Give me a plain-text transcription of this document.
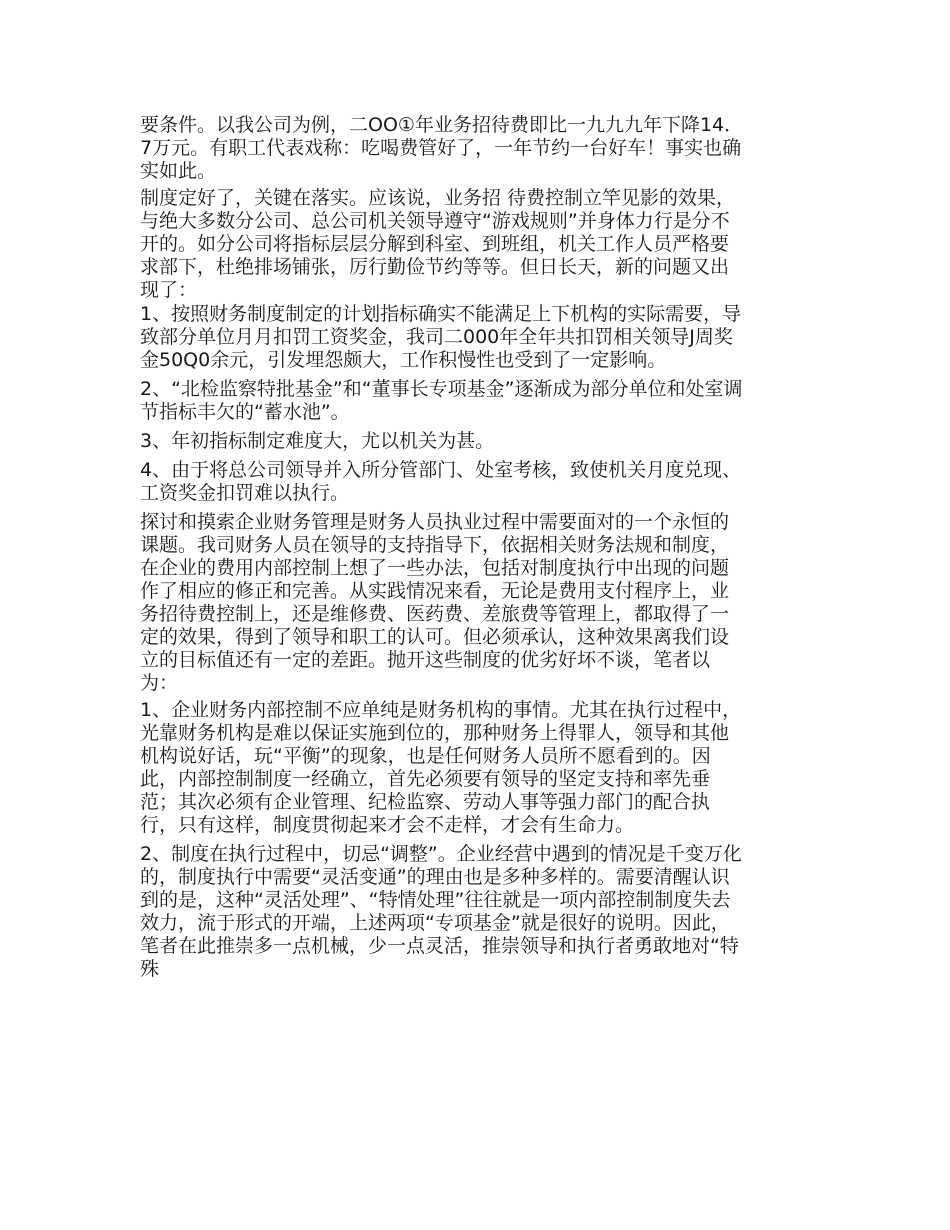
要条件。以我公司为例，二OO①年业务招待费即比一九九九年下降14．7万元。有职工代表戏称：吃喝费管好了，一年节约一台好车！事实也确实如此。

制度定好了，关键在落实。应该说，业务招 待费控制立竿见影的效果，与绝大多数分公司、总公司机关领导遵守“游戏规则”并身体力行是分不开的。如分公司将指标层层分解到科室、到班组，机关工作人员严格要求部下，杜绝排场铺张，厉行勤俭节约等等。但日长天，新的问题又出现了：

1、按照财务制度制定的计划指标确实不能满足上下机构的实际需要，导致部分单位月月扣罚工资奖金，我司二000年全年共扣罚相关领导J周奖金50Q0余元，引发埋怨颇大，工作积慢性也受到了一定影响。

2、“北检监察特批基金”和“董事长专项基金”逐渐成为部分单位和处室调节指标丰欠的“蓄水池”。

3、年初指标制定难度大，尤以机关为甚。

4、由于将总公司领导并入所分管部门、处室考核，致使机关月度兑现、工资奖金扣罚难以执行。

探讨和摸索企业财务管理是财务人员执业过程中需要面对的一个永恒的课题。我司财务人员在领导的支持指导下，依据相关财务法规和制度，在企业的费用内部控制上想了一些办法，包括对制度执行中出现的问题作了相应的修正和完善。从实践情况来看，无论是费用支付程序上，业务招待费控制上，还是维修费、医药费、差旅费等管理上，都取得了一定的效果，得到了领导和职工的认可。但必须承认，这种效果离我们设立的目标值还有一定的差距。抛开这些制度的优劣好坏不谈，笔者以为：

1、企业财务内部控制不应单纯是财务机构的事情。尤其在执行过程中，光靠财务机构是难以保证实施到位的，那种财务上得罪人，领导和其他机构说好话，玩“平衡”的现象，也是任何财务人员所不愿看到的。因此，内部控制制度一经确立，首先必须要有领导的坚定支持和率先垂范；其次必须有企业管理、纪检监察、劳动人事等强力部门的配合执行，只有这样，制度贯彻起来才会不走样，才会有生命力。

2、制度在执行过程中，切忌“调整”。企业经营中遇到的情况是千变万化的，制度执行中需要“灵活变通”的理由也是多种多样的。需要清醒认识到的是，这种“灵活处理”、“特情处理”往往就是一项内部控制制度失去效力，流于形式的开端，上述两项“专项基金”就是很好的说明。因此，笔者在此推崇多一点机械，少一点灵活，推崇领导和执行者勇敢地对“特殊
